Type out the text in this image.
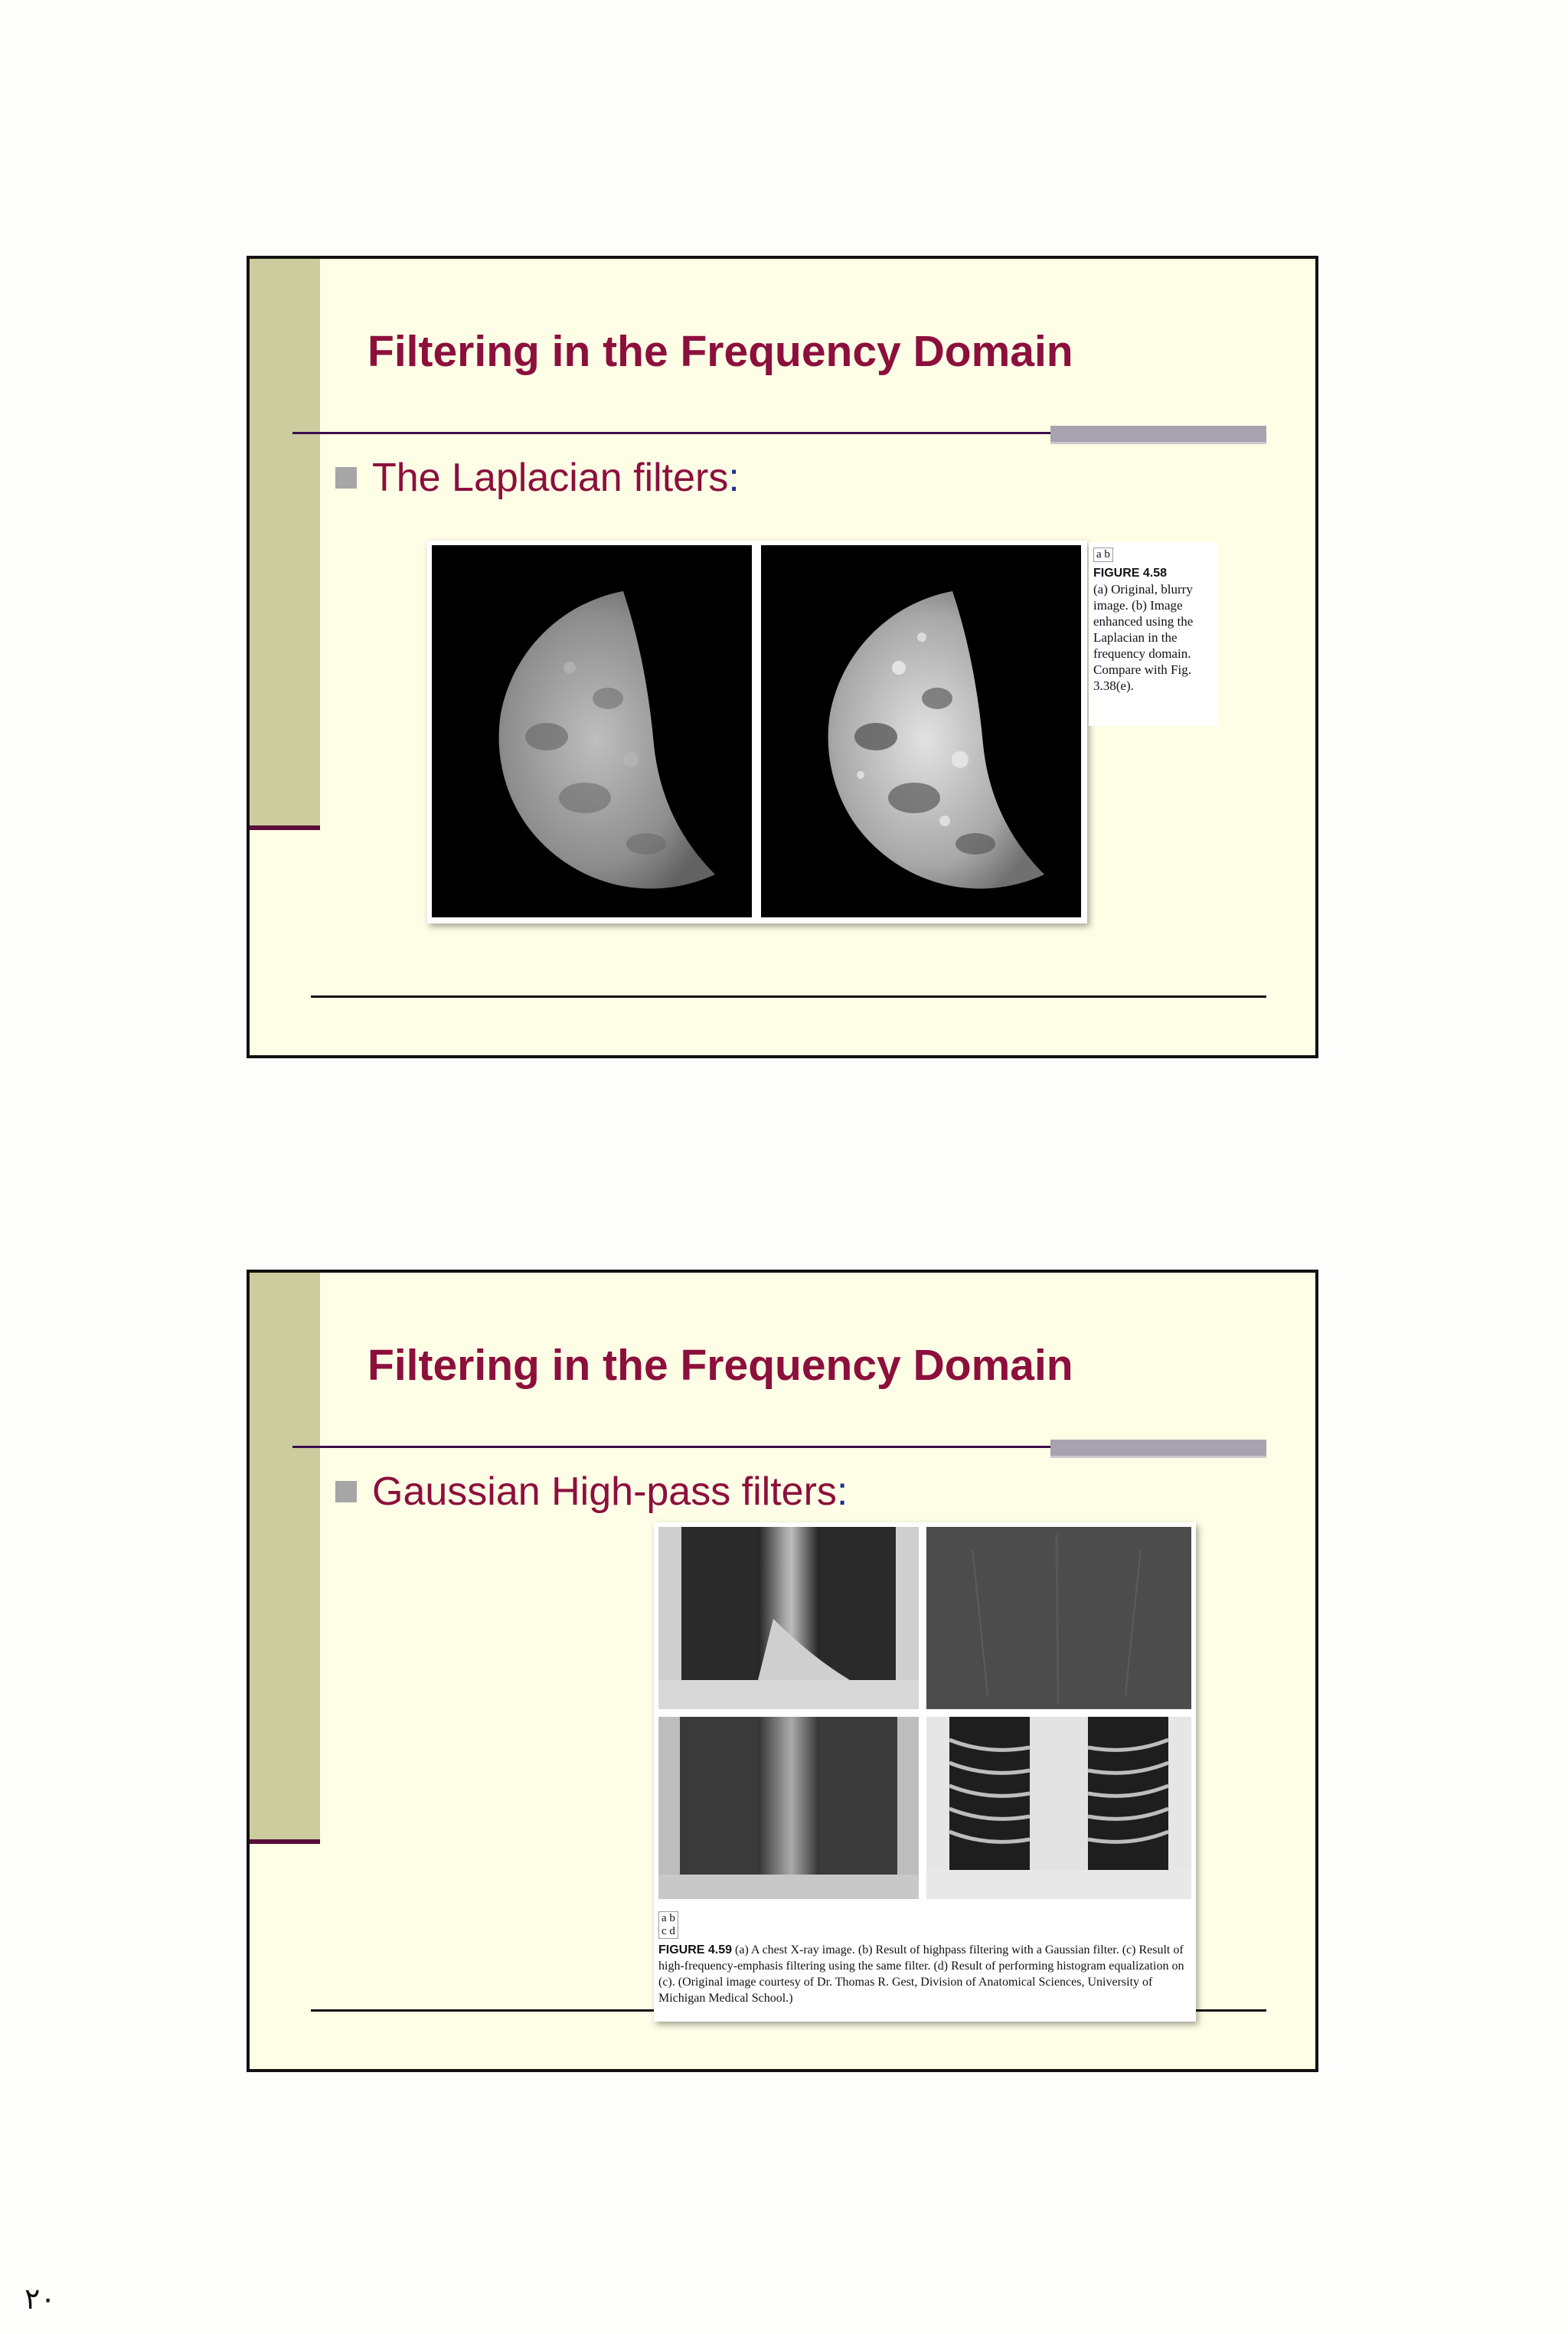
Filtering in the Frequency Domain
The Laplacian filters:
a b
FIGURE 4.58
(a) Original, blurry image. (b) Image enhanced using the Laplacian in the frequency domain. Compare with Fig. 3.38(e).
Filtering in the Frequency Domain
Gaussian High-pass filters:
a b
c d
FIGURE 4.59 (a) A chest X-ray image. (b) Result of highpass filtering with a Gaussian filter. (c) Result of high-frequency-emphasis filtering using the same filter. (d) Result of performing histogram equalization on (c). (Original image courtesy of Dr. Thomas R. Gest, Division of Anatomical Sciences, University of Michigan Medical School.)
٢٠
